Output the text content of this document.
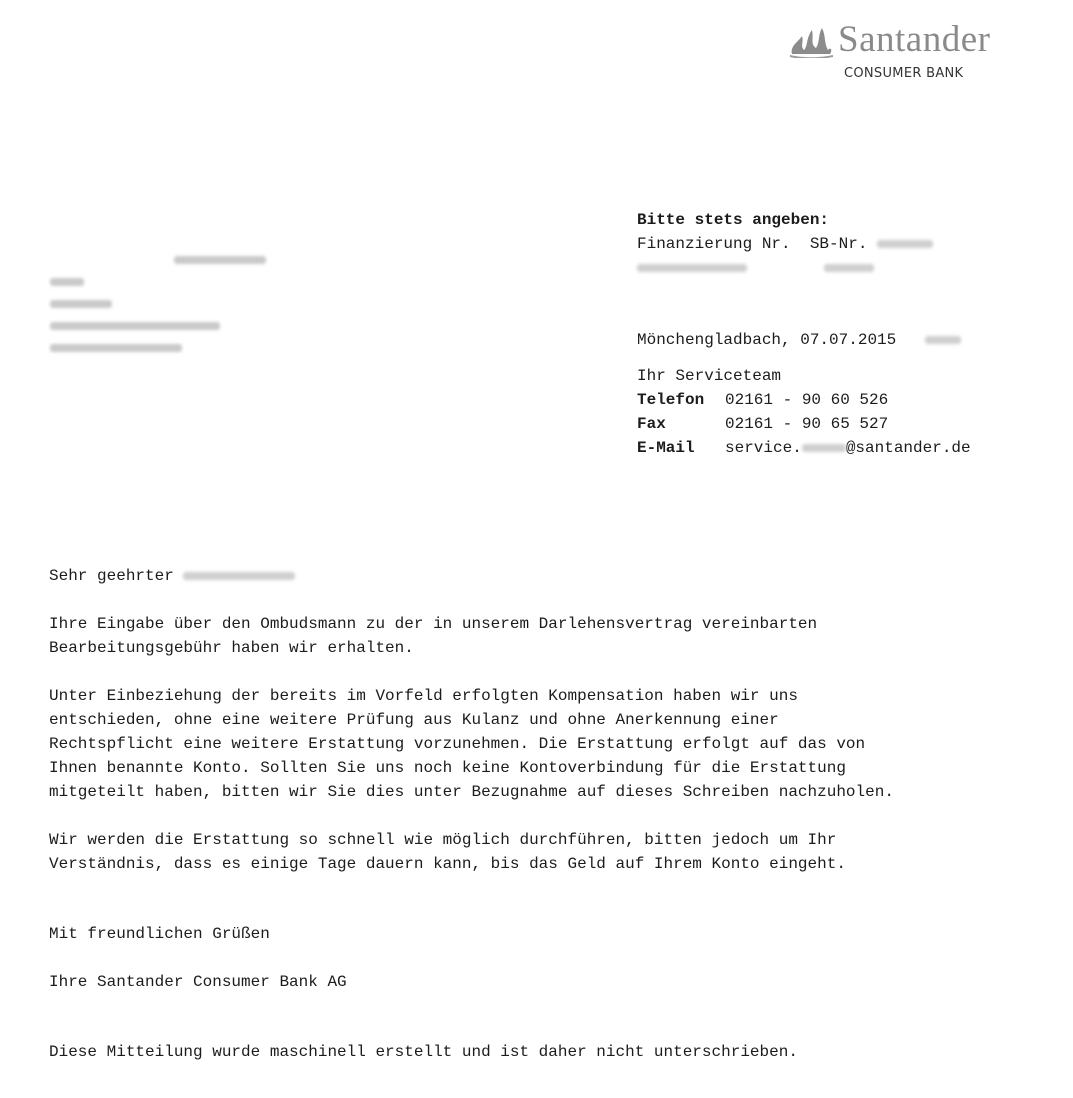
Santander
CONSUMER BANK
Bitte stets angeben:
Finanzierung Nr. SB-Nr.

Mönchengladbach, 07.07.2015
Ihr Serviceteam
Telefon 02161 - 90 60 526
Fax	02161 - 90 65 527
E-Mail service.	@santander.de
Sehr geehrter
Ihre Eingabe über den Ombudsmann zu der in unserem Darlehensvertrag vereinbarten
Bearbeitungsgebühr haben wir erhalten.
Unter Einbeziehung der bereits im Vorfeld erfolgten Kompensation haben wir uns
entschieden, ohne eine weitere Prüfung aus Kulanz und ohne Anerkennung einer
Rechtspflicht eine weitere Erstattung vorzunehmen. Die Erstattung erfolgt auf das von
Ihnen benannte Konto. Sollten Sie uns noch keine Kontoverbindung für die Erstattung
mitgeteilt haben, bitten wir Sie dies unter Bezugnahme auf dieses Schreiben nachzuholen.
Wir werden die Erstattung so schnell wie möglich durchführen, bitten jedoch um Ihr
Verständnis, dass es einige Tage dauern kann, bis das Geld auf Ihrem Konto eingeht.
Mit freundlichen Grüßen
Ihre Santander Consumer Bank AG
Diese Mitteilung wurde maschinell erstellt und ist daher nicht unterschrieben.
